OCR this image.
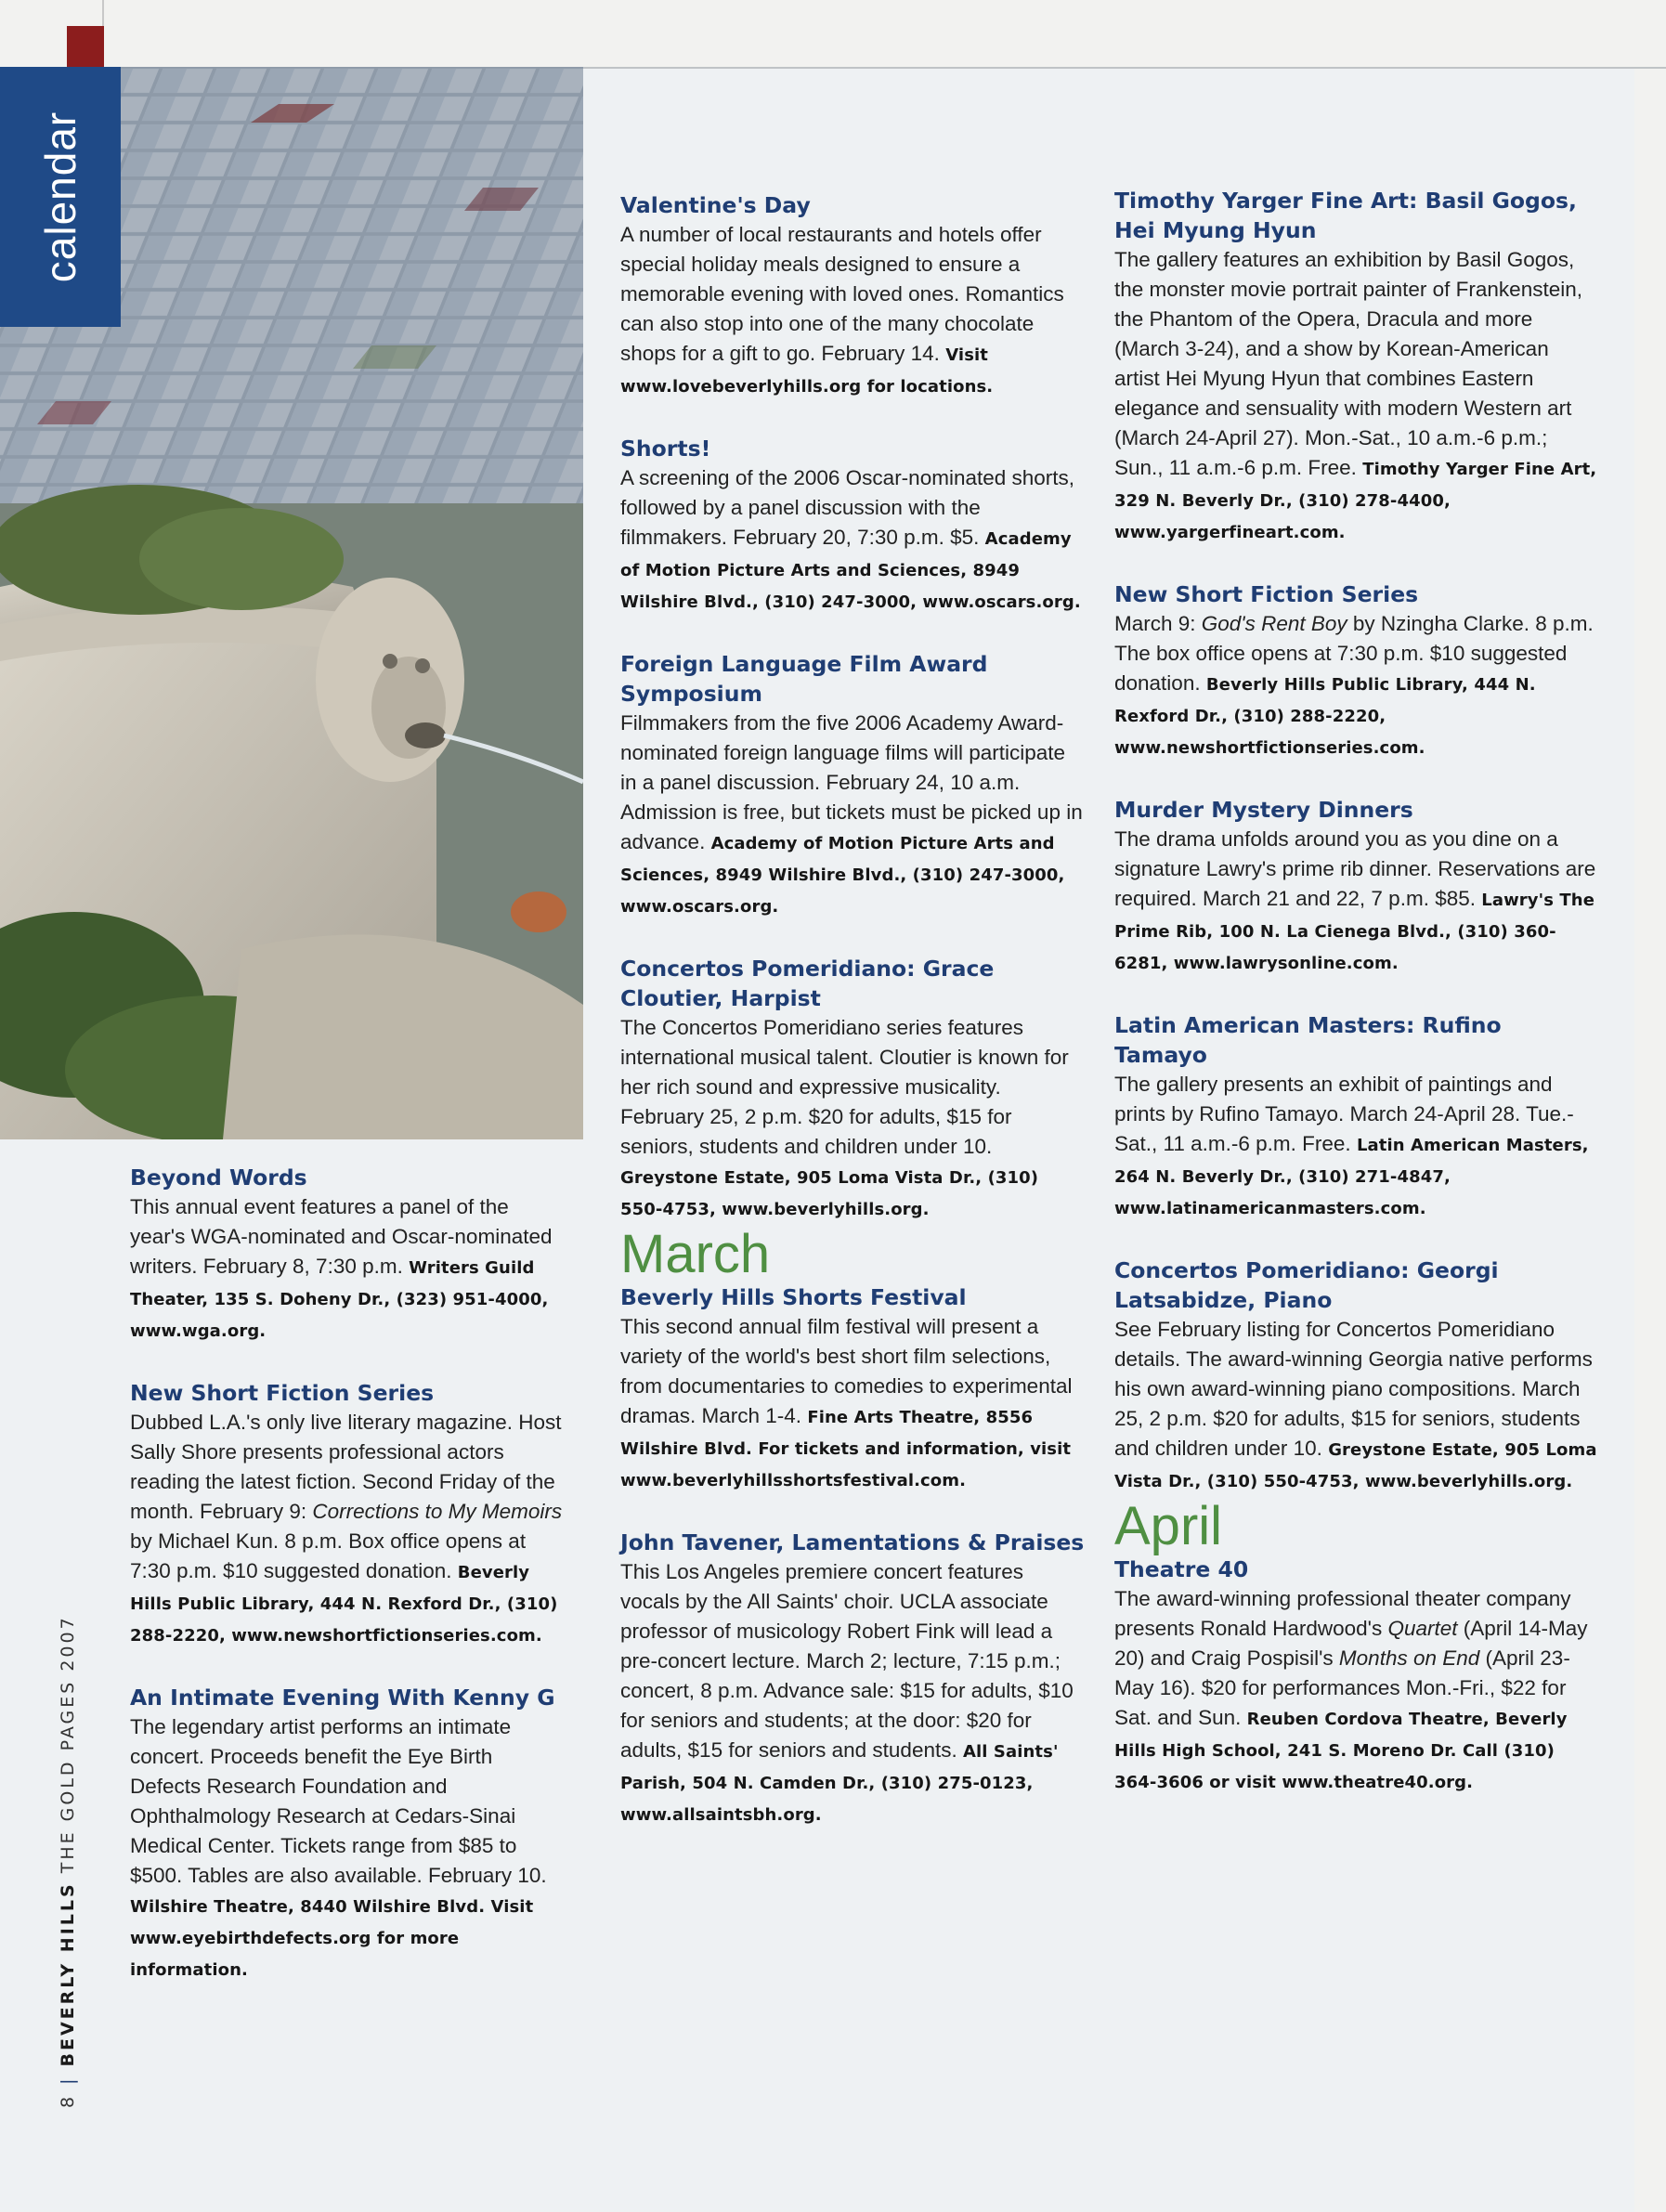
calendar
Beyond Words

This annual event features a panel of the year's WGA-nominated and Oscar-nominated writers. February 8, 7:30 p.m. Writers Guild Theater, 135 S. Doheny Dr., (323) 951-4000, www.wga.org.

New Short Fiction Series

Dubbed L.A.'s only live literary magazine. Host Sally Shore presents professional actors reading the latest fiction. Second Friday of the month. February 9: Corrections to My Memoirs by Michael Kun. 8 p.m. Box office opens at 7:30 p.m. $10 suggested donation. Beverly Hills Public Library, 444 N. Rexford Dr., (310) 288-2220, www.newshortfictionseries.com.

An Intimate Evening With Kenny G

The legendary artist performs an intimate concert. Proceeds benefit the Eye Birth Defects Research Foundation and Ophthalmology Research at Cedars-Sinai Medical Center. Tickets range from $85 to $500. Tables are also available. February 10. Wilshire Theatre, 8440 Wilshire Blvd. Visit www.eyebirthdefects.org for more information.

Valentine's Day

A number of local restaurants and hotels offer special holiday meals designed to ensure a memorable evening with loved ones. Romantics can also stop into one of the many chocolate shops for a gift to go. February 14. Visit www.lovebeverlyhills.org for locations.

Shorts!

A screening of the 2006 Oscar-nominated shorts, followed by a panel discussion with the filmmakers. February 20, 7:30 p.m. $5. Academy of Motion Picture Arts and Sciences, 8949 Wilshire Blvd., (310) 247-3000, www.oscars.org.

Foreign Language Film Award Symposium

Filmmakers from the five 2006 Academy Award-nominated foreign language films will participate in a panel discussion. February 24, 10 a.m. Admission is free, but tickets must be picked up in advance. Academy of Motion Picture Arts and Sciences, 8949 Wilshire Blvd., (310) 247-3000, www.oscars.org.

Concertos Pomeridiano: Grace Cloutier, Harpist

The Concertos Pomeridiano series features international musical talent. Cloutier is known for her rich sound and expressive musicality. February 25, 2 p.m. $20 for adults, $15 for seniors, students and children under 10. Greystone Estate, 905 Loma Vista Dr., (310) 550-4753, www.beverlyhills.org.

March
Beverly Hills Shorts Festival

This second annual film festival will present a variety of the world's best short film selections, from documentaries to comedies to experimental dramas. March 1-4. Fine Arts Theatre, 8556 Wilshire Blvd. For tickets and information, visit www.beverlyhillsshortsfestival.com.

John Tavener, Lamentations & Praises

This Los Angeles premiere concert features vocals by the All Saints' choir. UCLA associate professor of musicology Robert Fink will lead a pre-concert lecture. March 2; lecture, 7:15 p.m.; concert, 8 p.m. Advance sale: $15 for adults, $10 for seniors and students; at the door: $20 for adults, $15 for seniors and students. All Saints' Parish, 504 N. Camden Dr., (310) 275-0123, www.allsaintsbh.org.

Timothy Yarger Fine Art: Basil Gogos, Hei Myung Hyun

The gallery features an exhibition by Basil Gogos, the monster movie portrait painter of Frankenstein, the Phantom of the Opera, Dracula and more (March 3-24), and a show by Korean-American artist Hei Myung Hyun that combines Eastern elegance and sensuality with modern Western art (March 24-April 27). Mon.-Sat., 10 a.m.-6 p.m.; Sun., 11 a.m.-6 p.m. Free. Timothy Yarger Fine Art, 329 N. Beverly Dr., (310) 278-4400, www.yargerfineart.com.

New Short Fiction Series

March 9: God's Rent Boy by Nzingha Clarke. 8 p.m. The box office opens at 7:30 p.m. $10 suggested donation. Beverly Hills Public Library, 444 N. Rexford Dr., (310) 288-2220, www.newshortfictionseries.com.

Murder Mystery Dinners

The drama unfolds around you as you dine on a signature Lawry's prime rib dinner. Reservations are required. March 21 and 22, 7 p.m. $85. Lawry's The Prime Rib, 100 N. La Cienega Blvd., (310) 360-6281, www.lawrysonline.com.

Latin American Masters: Rufino Tamayo

The gallery presents an exhibit of paintings and prints by Rufino Tamayo. March 24-April 28. Tue.-Sat., 11 a.m.-6 p.m. Free. Latin American Masters, 264 N. Beverly Dr., (310) 271-4847, www.latinamericanmasters.com.

Concertos Pomeridiano: Georgi Latsabidze, Piano

See February listing for Concertos Pomeridiano details. The award-winning Georgia native performs his own award-winning piano compositions. March 25, 2 p.m. $20 for adults, $15 for seniors, students and children under 10. Greystone Estate, 905 Loma Vista Dr., (310) 550-4753, www.beverlyhills.org.

April
Theatre 40

The award-winning professional theater company presents Ronald Hardwood's Quartet (April 14-May 20) and Craig Pospisil's Months on End (April 23-May 16). $20 for performances Mon.-Fri., $22 for Sat. and Sun. Reuben Cordova Theatre, Beverly Hills High School, 241 S. Moreno Dr. Call (310) 364-3606 or visit www.theatre40.org.

8|BEVERLY HILLS THE GOLD PAGES 2007
